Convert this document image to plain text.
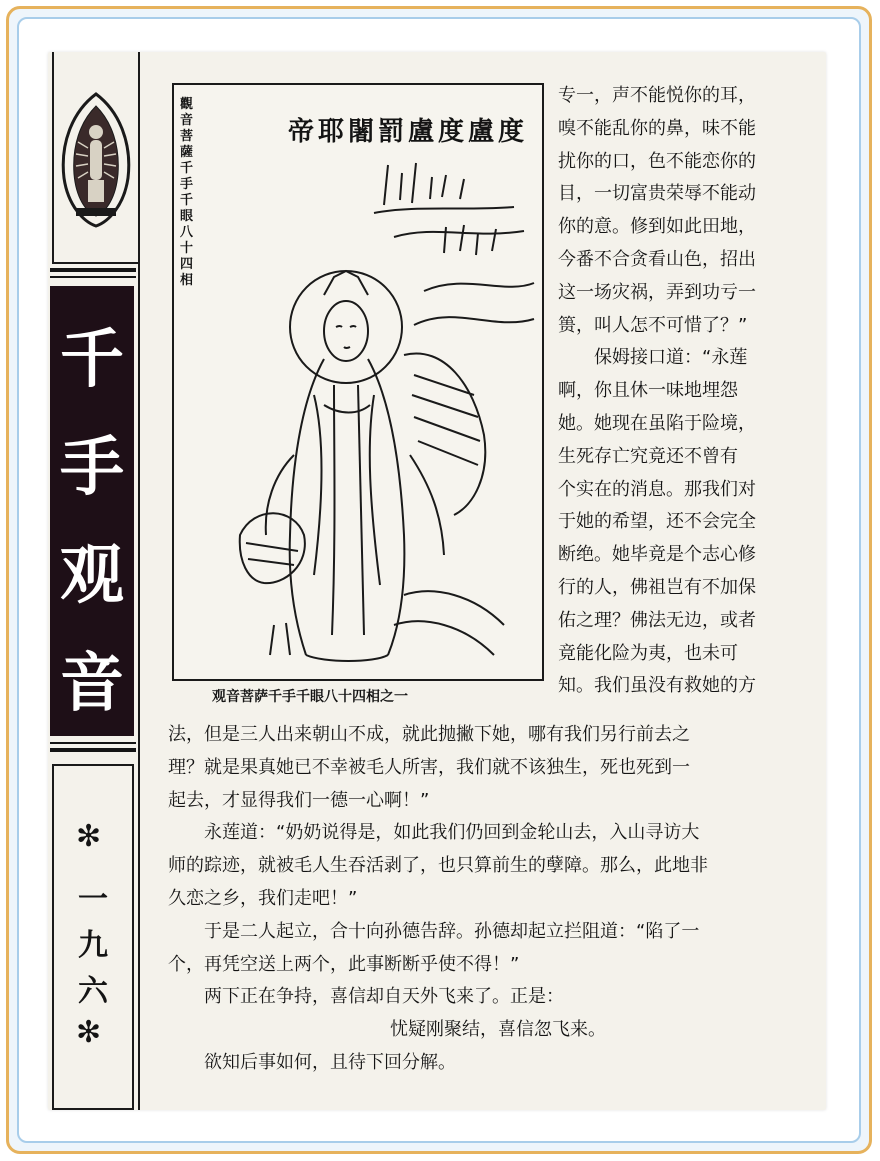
千
手
观
音
✻
一
九
六
✻
觀音菩薩千手千眼八十四相
度盧度盧罰闍耶帝
观音菩萨千手千眼八十四相之一
专一，声不能悦你的耳，
嗅不能乱你的鼻，味不能
扰你的口，色不能恋你的
目，一切富贵荣辱不能动
你的意。修到如此田地，
今番不合贪看山色，招出
这一场灾祸，弄到功亏一
篑，叫人怎不可惜了？”
　　保姆接口道：“永莲
啊，你且休一味地埋怨
她。她现在虽陷于险境，
生死存亡究竟还不曾有
个实在的消息。那我们对
于她的希望，还不会完全
断绝。她毕竟是个志心修
行的人，佛祖岂有不加保
佑之理？佛法无边，或者
竟能化险为夷，也未可
知。我们虽没有救她的方
法，但是三人出来朝山不成，就此抛撇下她，哪有我们另行前去之
理？就是果真她已不幸被毛人所害，我们就不该独生，死也死到一
起去，才显得我们一德一心啊！”
　　永莲道：“奶奶说得是，如此我们仍回到金轮山去，入山寻访大
师的踪迹，就被毛人生吞活剥了，也只算前生的孽障。那么，此地非
久恋之乡，我们走吧！”
　　于是二人起立，合十向孙德告辞。孙德却起立拦阻道：“陷了一
个，再凭空送上两个，此事断断乎使不得！”
　　两下正在争持，喜信却自天外飞来了。正是：
忧疑刚聚结，喜信忽飞来。
　　欲知后事如何，且待下回分解。
